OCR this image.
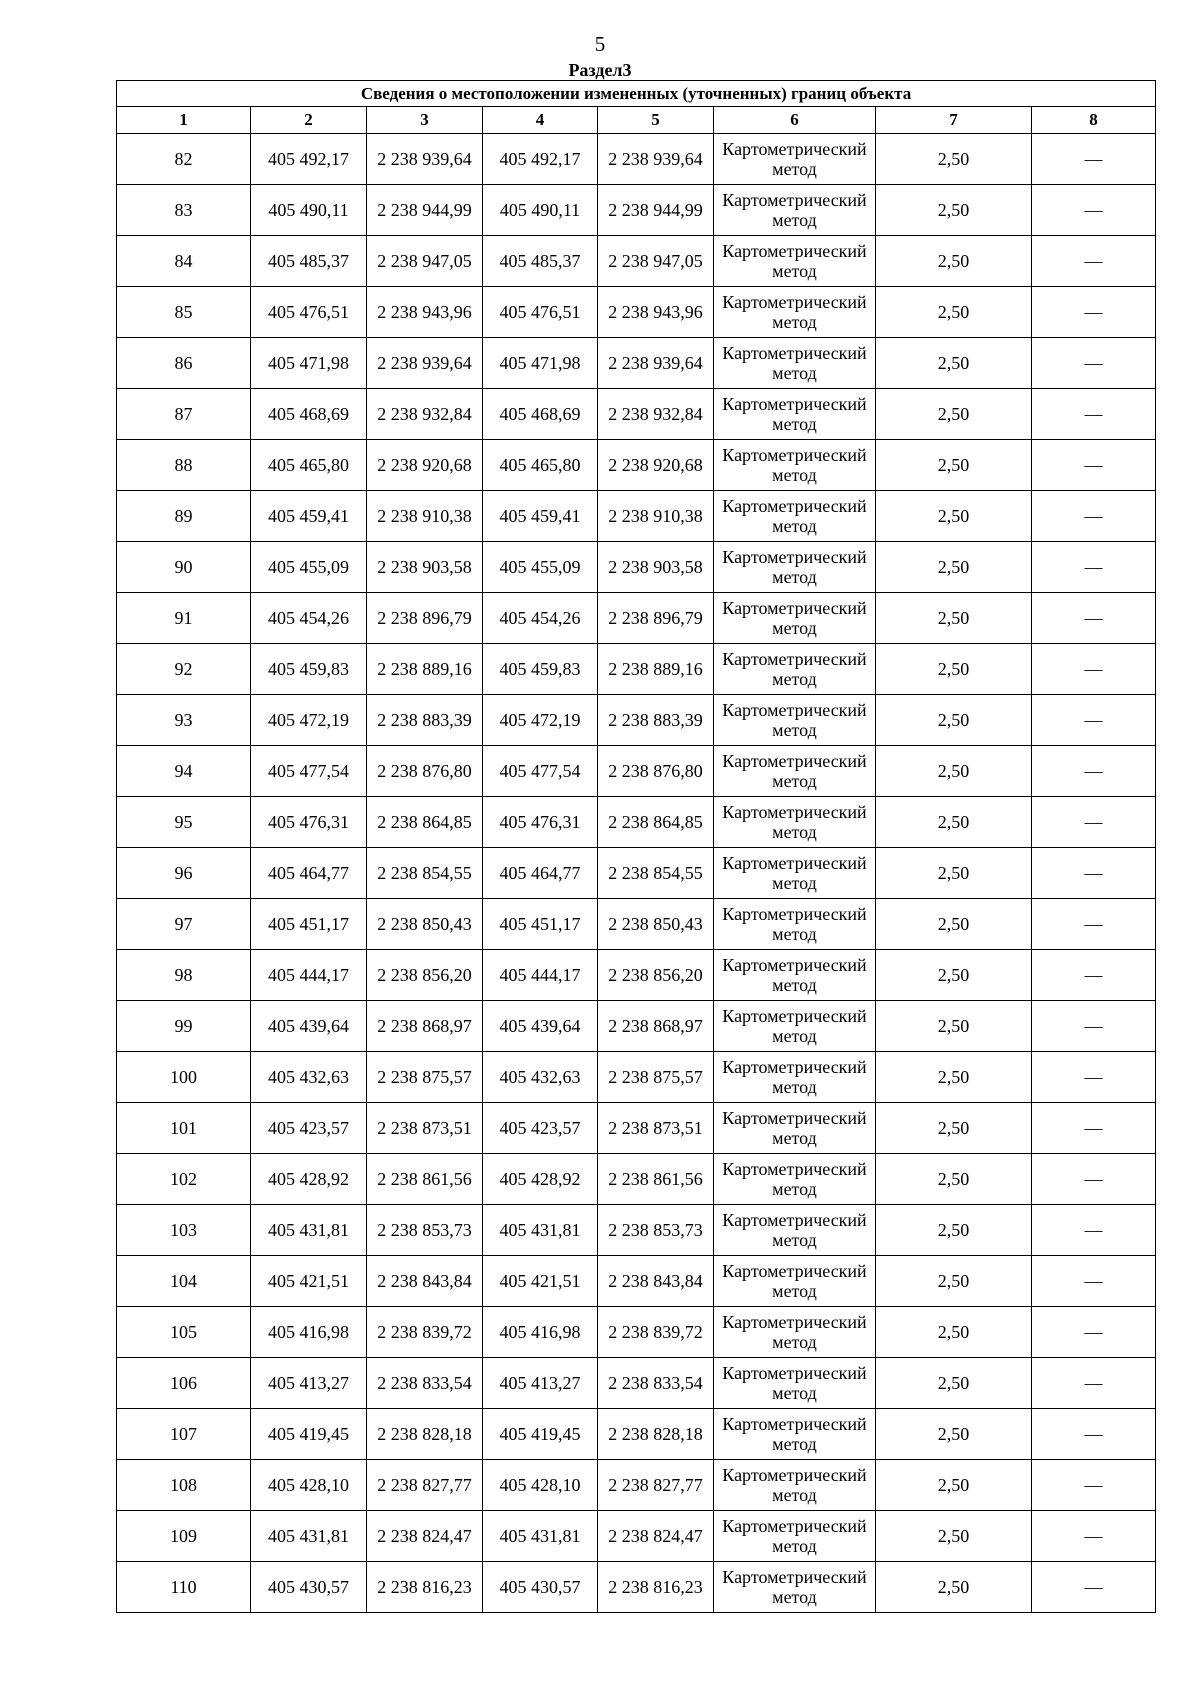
5
Раздел3
Сведения о местоположении измененных (уточненных) границ объекта							
1	2	3	4	5	6	7	8
82	405 492,17	2 238 939,64	405 492,17	2 238 939,64	Картометрический метод	2,50	—
83	405 490,11	2 238 944,99	405 490,11	2 238 944,99	Картометрический метод	2,50	—
84	405 485,37	2 238 947,05	405 485,37	2 238 947,05	Картометрический метод	2,50	—
85	405 476,51	2 238 943,96	405 476,51	2 238 943,96	Картометрический метод	2,50	—
86	405 471,98	2 238 939,64	405 471,98	2 238 939,64	Картометрический метод	2,50	—
87	405 468,69	2 238 932,84	405 468,69	2 238 932,84	Картометрический метод	2,50	—
88	405 465,80	2 238 920,68	405 465,80	2 238 920,68	Картометрический метод	2,50	—
89	405 459,41	2 238 910,38	405 459,41	2 238 910,38	Картометрический метод	2,50	—
90	405 455,09	2 238 903,58	405 455,09	2 238 903,58	Картометрический метод	2,50	—
91	405 454,26	2 238 896,79	405 454,26	2 238 896,79	Картометрический метод	2,50	—
92	405 459,83	2 238 889,16	405 459,83	2 238 889,16	Картометрический метод	2,50	—
93	405 472,19	2 238 883,39	405 472,19	2 238 883,39	Картометрический метод	2,50	—
94	405 477,54	2 238 876,80	405 477,54	2 238 876,80	Картометрический метод	2,50	—
95	405 476,31	2 238 864,85	405 476,31	2 238 864,85	Картометрический метод	2,50	—
96	405 464,77	2 238 854,55	405 464,77	2 238 854,55	Картометрический метод	2,50	—
97	405 451,17	2 238 850,43	405 451,17	2 238 850,43	Картометрический метод	2,50	—
98	405 444,17	2 238 856,20	405 444,17	2 238 856,20	Картометрический метод	2,50	—
99	405 439,64	2 238 868,97	405 439,64	2 238 868,97	Картометрический метод	2,50	—
100	405 432,63	2 238 875,57	405 432,63	2 238 875,57	Картометрический метод	2,50	—
101	405 423,57	2 238 873,51	405 423,57	2 238 873,51	Картометрический метод	2,50	—
102	405 428,92	2 238 861,56	405 428,92	2 238 861,56	Картометрический метод	2,50	—
103	405 431,81	2 238 853,73	405 431,81	2 238 853,73	Картометрический метод	2,50	—
104	405 421,51	2 238 843,84	405 421,51	2 238 843,84	Картометрический метод	2,50	—
105	405 416,98	2 238 839,72	405 416,98	2 238 839,72	Картометрический метод	2,50	—
106	405 413,27	2 238 833,54	405 413,27	2 238 833,54	Картометрический метод	2,50	—
107	405 419,45	2 238 828,18	405 419,45	2 238 828,18	Картометрический метод	2,50	—
108	405 428,10	2 238 827,77	405 428,10	2 238 827,77	Картометрический метод	2,50	—
109	405 431,81	2 238 824,47	405 431,81	2 238 824,47	Картометрический метод	2,50	—
110	405 430,57	2 238 816,23	405 430,57	2 238 816,23	Картометрический метод	2,50	—
